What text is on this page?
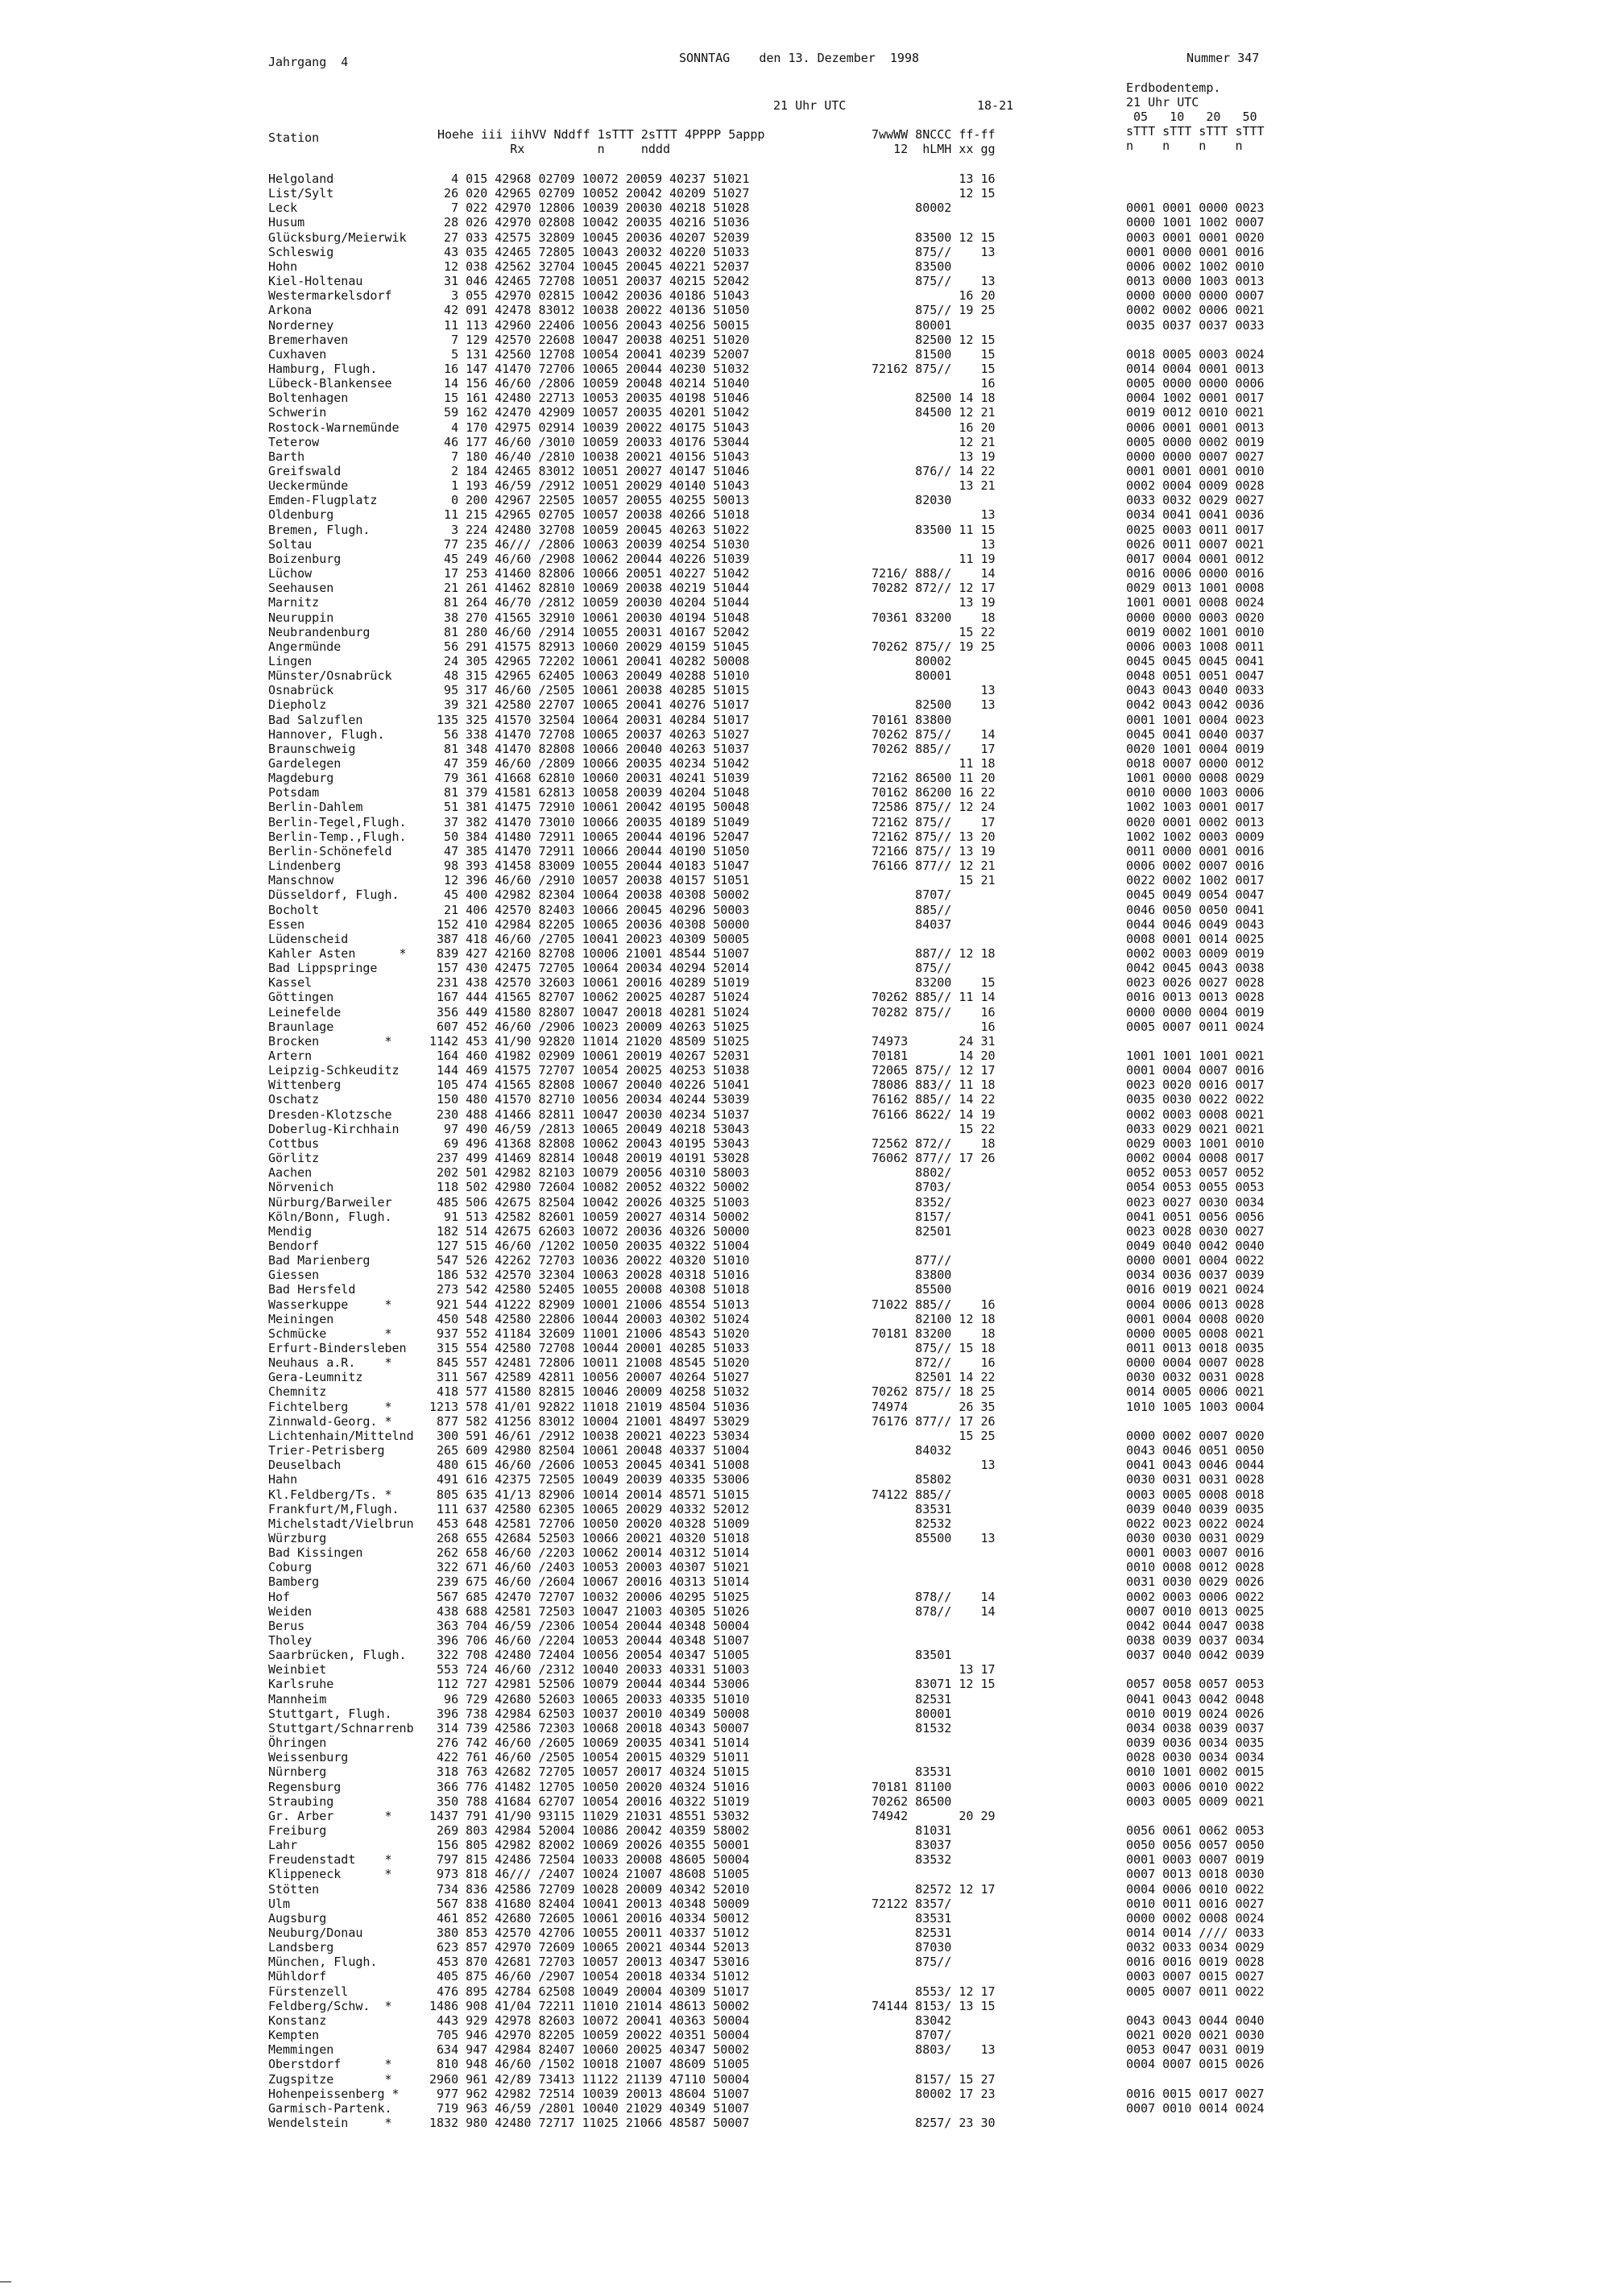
Jahrgang  4	SONNTAG    den 13. Dezember  1998	Nummer 347
Erdbodentemp.
21 Uhr UTC
05   10   20   50
sTTT sTTT sTTT sTTT
n    n    n    n
21 Uhr UTC	18-21
Station	Hoehe iii iihVV Nddff 1sTTT 2sTTT 4PPPP 5appp
Rx          n     nddd
7wwWW 8NCCC ff-ff
12  hLMH xx gg
Helgoland	4 015 42968 02709 10072 20059 40237 51021	13 16
List/Sylt	26 020 42965 02709 10052 20042 40209 51027	12 15
Leck	7 022 42970 12806 10039 20030 40218 51028	80002	0001 0001 0000 0023
Husum	28 026 42970 02808 10042 20035 40216 51036	0000 1001 1002 0007
Glücksburg/Meierwik 27 033 42575 32809 10045 20036 40207 52039	83500 12 15	0003 0001 0001 0020
Schleswig	43 035 42465 72805 10043 20032 40220 51033	875//    13	0001 0000 0001 0016
Hohn	12 038 42562 32704 10045 20045 40221 52037	83500	0006 0002 1002 0010
Kiel-Holtenau	31 046 42465 72708 10051 20037 40215 52042	875//    13	0013 0000 1003 0013
Westermarkelsdorf	3 055 42970 02815 10042 20036 40186 51043	16 20	0000 0000 0000 0007
Arkona	42 091 42478 83012 10038 20022 40136 51050	875// 19 25	0002 0002 0006 0021
Norderney	11 113 42960 22406 10056 20043 40256 50015	80001	0035 0037 0037 0033
Bremerhaven	7 129 42570 22608 10047 20038 40251 51020	82500 12 15
Cuxhaven	5 131 42560 12708 10054 20041 40239 52007	81500    15	0018 0005 0003 0024
Hamburg, Flugh.	16 147 41470 72706 10065 20044 40230 51032	72162 875//    15	0014 0004 0001 0013
Lübeck-Blankensee	14 156 46/60 /2806 10059 20048 40214 51040	16	0005 0000 0000 0006
Boltenhagen	15 161 42480 22713 10053 20035 40198 51046	82500 14 18	0004 1002 0001 0017
Schwerin	59 162 42470 42909 10057 20035 40201 51042	84500 12 21	0019 0012 0010 0021
Rostock-Warnemünde 4 170 42975 02914 10039 20022 40175 51043	16 20	0006 0001 0001 0013
Teterow	46 177 46/60 /3010 10059 20033 40176 53044	12 21	0005 0000 0002 0019
Barth	7 180 46/40 /2810 10038 20021 40156 51043	13 19	0000 0000 0007 0027
Greifswald	2 184 42465 83012 10051 20027 40147 51046	876// 14 22	0001 0001 0001 0010
Ueckermünde	1 193 46/59 /2912 10051 20029 40140 51043	13 21	0002 0004 0009 0028
Emden-Flugplatz	0 200 42967 22505 10057 20055 40255 50013	82030	0033 0032 0029 0027
Oldenburg	11 215 42965 02705 10057 20038 40266 51018	13	0034 0041 0041 0036
Bremen, Flugh.	3 224 42480 32708 10059 20045 40263 51022	83500 11 15	0025 0003 0011 0017
Soltau	77 235 46/// /2806 10063 20039 40254 51030	13	0026 0011 0007 0021
Boizenburg	45 249 46/60 /2908 10062 20044 40226 51039	11 19	0017 0004 0001 0012
Lüchow	17 253 41460 82806 10066 20051 40227 51042	7216/ 888//    14	0016 0006 0000 0016
Seehausen	21 261 41462 82810 10069 20038 40219 51044	70282 872// 12 17	0029 0013 1001 0008
Marnitz	81 264 46/70 /2812 10059 20030 40204 51044	13 19	1001 0001 0008 0024
Neuruppin	38 270 41565 32910 10061 20030 40194 51048	70361 83200    18	0000 0000 0003 0020
Neubrandenburg	81 280 46/60 /2914 10055 20031 40167 52042	15 22	0019 0002 1001 0010
Angermünde	56 291 41575 82913 10060 20029 40159 51045	70262 875// 19 25	0006 0003 1008 0011
Lingen	24 305 42965 72202 10061 20041 40282 50008	80002	0045 0045 0045 0041
Münster/Osnabrück	48 315 42965 62405 10063 20049 40288 51010	80001	0048 0051 0051 0047
Osnabrück	95 317 46/60 /2505 10061 20038 40285 51015	13	0043 0043 0040 0033
Diepholz	39 321 42580 22707 10065 20041 40276 51017	82500    13	0042 0043 0042 0036
Bad Salzuflen	135 325 41570 32504 10064 20031 40284 51017	70161 83800	0001 1001 0004 0023
Hannover, Flugh.	56 338 41470 72708 10065 20037 40263 51027	70262 875//    14	0045 0041 0040 0037
Braunschweig	81 348 41470 82808 10066 20040 40263 51037	70262 885//    17	0020 1001 0004 0019
Gardelegen	47 359 46/60 /2809 10066 20035 40234 51042	11 18	0018 0007 0000 0012
Magdeburg	79 361 41668 62810 10060 20031 40241 51039	72162 86500 11 20	1001 0000 0008 0029
Potsdam	81 379 41581 62813 10058 20039 40204 51048	70162 86200 16 22	0010 0000 1003 0006
Berlin-Dahlem	51 381 41475 72910 10061 20042 40195 50048	72586 875// 12 24	1002 1003 0001 0017
Berlin-Tegel,Flugh. 37 382 41470 73010 10066 20035 40189 51049	72162 875//    17	0020 0001 0002 0013
Berlin-Temp.,Flugh. 50 384 41480 72911 10065 20044 40196 52047	72162 875// 13 20	1002 1002 0003 0009
Berlin-Schönefeld	47 385 41470 72911 10066 20044 40190 51050	72166 875// 13 19	0011 0000 0001 0016
Lindenberg	98 393 41458 83009 10055 20044 40183 51047	76166 877// 12 21	0006 0002 0007 0016
Manschnow	12 396 46/60 /2910 10057 20038 40157 51051	15 21	0022 0002 1002 0017
Düsseldorf, Flugh. 45 400 42982 82304 10064 20038 40308 50002	8707/	0045 0049 0054 0047
Bocholt	21 406 42570 82403 10066 20045 40296 50003	885//	0046 0050 0050 0041
Essen	152 410 42984 82205 10065 20036 40308 50000	84037	0044 0046 0049 0043
Lüdenscheid	387 418 46/60 /2705 10041 20023 40309 50005	0008 0001 0014 0025
Kahler Asten      * 839 427 42160 82708 10006 21001 48544 51007	887// 12 18	0002 0003 0009 0019
Bad Lippspringe	157 430 42475 72705 10064 20034 40294 52014	875//	0042 0045 0043 0038
Kassel	231 438 42570 32603 10061 20016 40289 51019	83200    15	0023 0026 0027 0028
Göttingen	167 444 41565 82707 10062 20025 40287 51024	70262 885// 11 14	0016 0013 0013 0028
Leinefelde	356 449 41580 82807 10047 20018 40281 51024	70282 875//    16	0000 0000 0004 0019
Braunlage	607 452 46/60 /2906 10023 20009 40263 51025	16	0005 0007 0011 0024
Brocken         *	1142 453 41/90 92820 11014 21020 48509 51025	74973       24 31
Artern	164 460 41982 02909 10061 20019 40267 52031	70181       14 20	1001 1001 1001 0021
Leipzig-Schkeuditz 144 469 41575 72707 10054 20025 40253 51038	72065 875// 12 17	0001 0004 0007 0016
Wittenberg	105 474 41565 82808 10067 20040 40226 51041	78086 883// 11 18	0023 0020 0016 0017
Oschatz	150 480 41570 82710 10056 20034 40244 53039	76162 885// 14 22	0035 0030 0022 0022
Dresden-Klotzsche	230 488 41466 82811 10047 20030 40234 51037	76166 8622/ 14 19	0002 0003 0008 0021
Doberlug-Kirchhain 97 490 46/59 /2813 10065 20049 40218 53043	15 22	0033 0029 0021 0021
Cottbus	69 496 41368 82808 10062 20043 40195 53043	72562 872//    18	0029 0003 1001 0010
Görlitz	237 499 41469 82814 10048 20019 40191 53028	76062 877// 17 26	0002 0004 0008 0017
Aachen	202 501 42982 82103 10079 20056 40310 58003	8802/	0052 0053 0057 0052
Nörvenich	118 502 42980 72604 10082 20052 40322 50002	8703/	0054 0053 0055 0053
Nürburg/Barweiler	485 506 42675 82504 10042 20026 40325 51003	8352/	0023 0027 0030 0034
Köln/Bonn, Flugh.	91 513 42582 82601 10059 20027 40314 50002	8157/	0041 0051 0056 0056
Mendig	182 514 42675 62603 10072 20036 40326 50000	82501	0023 0028 0030 0027
Bendorf	127 515 46/60 /1202 10050 20035 40322 51004	0049 0040 0042 0040
Bad Marienberg	547 526 42262 72703 10036 20022 40320 51010	877//	0000 0001 0004 0022
Giessen	186 532 42570 32304 10063 20028 40318 51016	83800	0034 0036 0037 0039
Bad Hersfeld	273 542 42580 52405 10055 20008 40308 51018	85500	0016 0019 0021 0024
Wasserkuppe     *	921 544 41222 82909 10001 21006 48554 51013	71022 885//    16	0004 0006 0013 0028
Meiningen	450 548 42580 22806 10044 20003 40302 51024	82100 12 18	0001 0004 0008 0020
Schmücke        *	937 552 41184 32609 11001 21006 48543 51020	70181 83200    18	0000 0005 0008 0021
Erfurt-Bindersleben 315 554 42580 72708 10044 20001 40285 51033	875// 15 18	0011 0013 0018 0035
Neuhaus a.R.    *	845 557 42481 72806 10011 21008 48545 51020	872//    16	0000 0004 0007 0028
Gera-Leumnitz	311 567 42589 42811 10056 20007 40264 51027	82501 14 22	0030 0032 0031 0028
Chemnitz	418 577 41580 82815 10046 20009 40258 51032	70262 875// 18 25	0014 0005 0006 0021
Fichtelberg     *	1213 578 41/01 92822 11018 21019 48504 51036	74974       26 35	1010 1005 1003 0004
Zinnwald-Georg. *	877 582 41256 83012 10004 21001 48497 53029	76176 877// 17 26
Lichtenhain/Mittelnd 300 591 46/61 /2912 10038 20021 40223 53034	15 25	0000 0002 0007 0020
Trier-Petrisberg	265 609 42980 82504 10061 20048 40337 51004	84032	0043 0046 0051 0050
Deuselbach	480 615 46/60 /2606 10053 20045 40341 51008	13	0041 0043 0046 0044
Hahn	491 616 42375 72505 10049 20039 40335 53006	85802	0030 0031 0031 0028
Kl.Feldberg/Ts. *	805 635 41/13 82906 10014 20014 48571 51015	74122 885//	0003 0005 0008 0018
Frankfurt/M,Flugh. 111 637 42580 62305 10065 20029 40332 52012	83531	0039 0040 0039 0035
Michelstadt/Vielbrun 453 648 42581 72706 10050 20020 40328 51009	82532	0022 0023 0022 0024
Würzburg	268 655 42684 52503 10066 20021 40320 51018	85500    13	0030 0030 0031 0029
Bad Kissingen	262 658 46/60 /2203 10062 20014 40312 51014	0001 0003 0007 0016
Coburg	322 671 46/60 /2403 10053 20003 40307 51021	0010 0008 0012 0028
Bamberg	239 675 46/60 /2604 10067 20016 40313 51014	0031 0030 0029 0026
Hof	567 685 42470 72707 10032 20006 40295 51025	878//    14	0002 0003 0006 0022
Weiden	438 688 42581 72503 10047 21003 40305 51026	878//    14	0007 0010 0013 0025
Berus	363 704 46/59 /2306 10054 20044 40348 50004	0042 0044 0047 0038
Tholey	396 706 46/60 /2204 10053 20044 40348 51007	0038 0039 0037 0034
Saarbrücken, Flugh. 322 708 42480 72404 10056 20054 40347 51005	83501	0037 0040 0042 0039
Weinbiet	553 724 46/60 /2312 10040 20033 40331 51003	13 17
Karlsruhe	112 727 42981 52506 10079 20044 40344 53006	83071 12 15	0057 0058 0057 0053
Mannheim	96 729 42680 52603 10065 20033 40335 51010	82531	0041 0043 0042 0048
Stuttgart, Flugh.	396 738 42984 62503 10037 20010 40349 50008	80001	0010 0019 0024 0026
Stuttgart/Schnarrenb 314 739 42586 72303 10068 20018 40343 50007	81532	0034 0038 0039 0037
Öhringen	276 742 46/60 /2605 10069 20035 40341 51014	0039 0036 0034 0035
Weissenburg	422 761 46/60 /2505 10054 20015 40329 51011	0028 0030 0034 0034
Nürnberg	318 763 42682 72705 10057 20017 40324 51015	83531	0010 1001 0002 0015
Regensburg	366 776 41482 12705 10050 20020 40324 51016	70181 81100	0003 0006 0010 0022
Straubing	350 788 41684 62707 10054 20016 40322 51019	70262 86500	0003 0005 0009 0021
Gr. Arber       *	1437 791 41/90 93115 11029 21031 48551 53032	74942       20 29
Freiburg	269 803 42984 52004 10086 20042 40359 58002	81031	0056 0061 0062 0053
Lahr	156 805 42982 82002 10069 20026 40355 50001	83037	0050 0056 0057 0050
Freudenstadt    *	797 815 42486 72504 10033 20008 48605 50004	83532	0001 0003 0007 0019
Klippeneck      *	973 818 46/// /2407 10024 21007 48608 51005	0007 0013 0018 0030
Stötten	734 836 42586 72709 10028 20009 40342 52010	82572 12 17	0004 0006 0010 0022
Ulm	567 838 41680 82404 10041 20013 40348 50009	72122 8357/	0010 0011 0016 0027
Augsburg	461 852 42680 72605 10061 20016 40334 50012	83531	0000 0002 0008 0024
Neuburg/Donau	380 853 42570 42706 10055 20011 40337 51012	82531	0014 0014 //// 0033
Landsberg	623 857 42970 72609 10065 20021 40344 52013	87030	0032 0033 0034 0029
München, Flugh.	453 870 42681 72703 10057 20013 40347 53016	875//	0016 0016 0019 0028
Mühldorf	405 875 46/60 /2907 10054 20018 40334 51012	0003 0007 0015 0027
Fürstenzell	476 895 42784 62508 10049 20004 40309 51017	8553/ 12 17	0005 0007 0011 0022
Feldberg/Schw.  *	1486 908 41/04 72211 11010 21014 48613 50002	74144 8153/ 13 15
Konstanz	443 929 42978 82603 10072 20041 40363 50004	83042	0043 0043 0044 0040
Kempten	705 946 42970 82205 10059 20022 40351 50004	8707/	0021 0020 0021 0030
Memmingen	634 947 42984 82407 10060 20025 40347 50002	8803/    13	0053 0047 0031 0019
Oberstdorf      *	810 948 46/60 /1502 10018 21007 48609 51005	0004 0007 0015 0026
Zugspitze       *	2960 961 42/89 73413 11122 21139 47110 50004	8157/ 15 27
Hohenpeissenberg * 977 962 42982 72514 10039 20013 48604 51007	80002 17 23	0016 0015 0017 0027
Garmisch-Partenk.	719 963 46/59 /2801 10040 21029 40349 51007	0007 0010 0014 0024
Wendelstein     *	1832 980 42480 72717 11025 21066 48587 50007	8257/ 23 30
